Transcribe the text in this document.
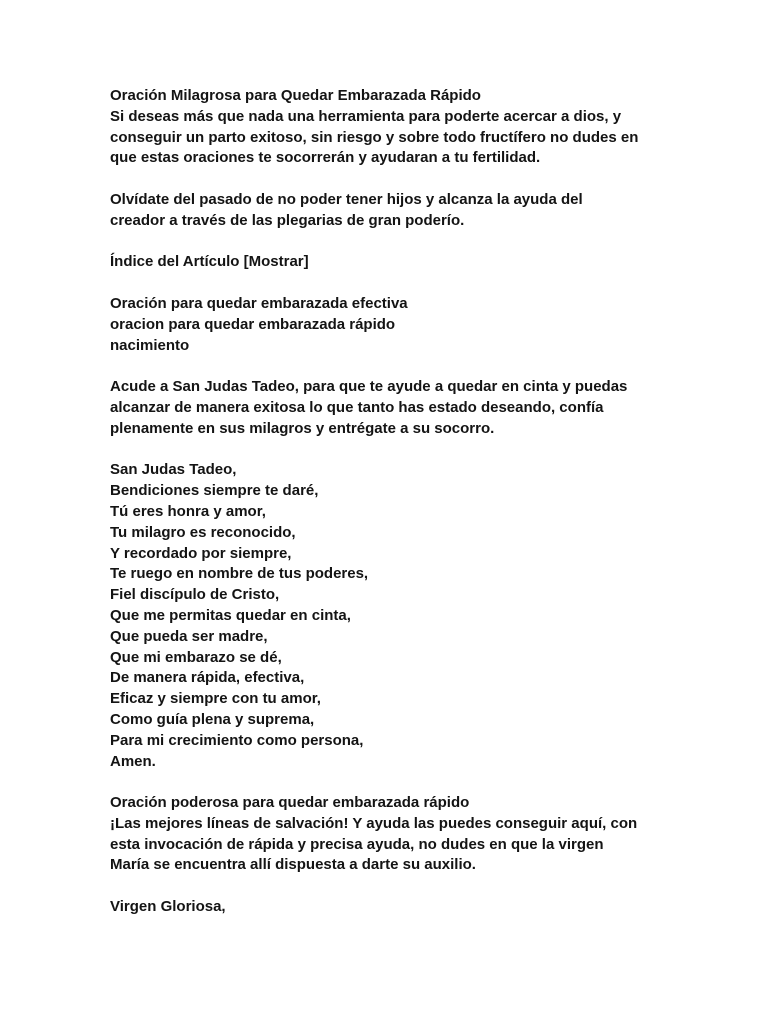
Oración Milagrosa para Quedar Embarazada Rápido
Si deseas más que nada una herramienta para poderte acercar a dios, y
conseguir un parto exitoso, sin riesgo y sobre todo fructífero no dudes en
que estas oraciones te socorrerán y ayudaran a tu fertilidad.
Olvídate del pasado de no poder tener hijos y alcanza la ayuda del
creador a través de las plegarias de gran poderío.
Índice del Artículo [Mostrar]
Oración para quedar embarazada efectiva
oracion para quedar embarazada rápido
nacimiento
Acude a San Judas Tadeo, para que te ayude a quedar en cinta y puedas
alcanzar de manera exitosa lo que tanto has estado deseando, confía
plenamente en sus milagros y entrégate a su socorro.
San Judas Tadeo,
Bendiciones siempre te daré,
Tú eres honra y amor,
Tu milagro es reconocido,
Y recordado por siempre,
Te ruego en nombre de tus poderes,
Fiel discípulo de Cristo,
Que me permitas quedar en cinta,
Que pueda ser madre,
Que mi embarazo se dé,
De manera rápida, efectiva,
Eficaz y siempre con tu amor,
Como guía plena y suprema,
Para mi crecimiento como persona,
Amen.
Oración poderosa para quedar embarazada rápido
¡Las mejores líneas de salvación! Y ayuda las puedes conseguir aquí, con
esta invocación de rápida y precisa ayuda, no dudes en que la virgen
María se encuentra allí dispuesta a darte su auxilio.
Virgen Gloriosa,
